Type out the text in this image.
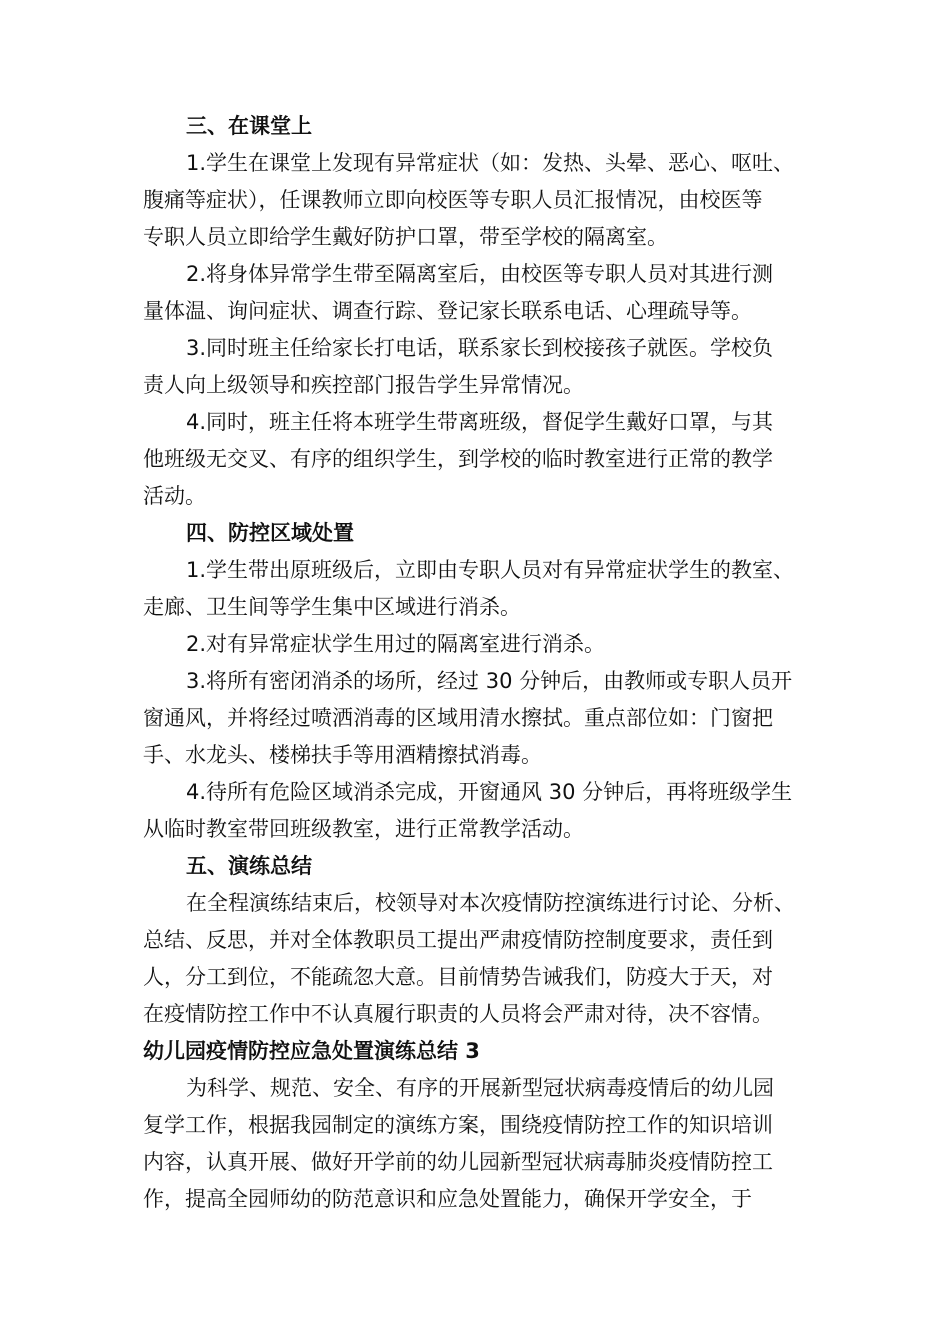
三、在课堂上
1.学生在课堂上发现有异常症状（如：发热、头晕、恶心、呕吐、
腹痛等症状），任课教师立即向校医等专职人员汇报情况，由校医等
专职人员立即给学生戴好防护口罩，带至学校的隔离室。
2.将身体异常学生带至隔离室后，由校医等专职人员对其进行测
量体温、询问症状、调查行踪、登记家长联系电话、心理疏导等。
3.同时班主任给家长打电话，联系家长到校接孩子就医。学校负
责人向上级领导和疾控部门报告学生异常情况。
4.同时，班主任将本班学生带离班级，督促学生戴好口罩，与其
他班级无交叉、有序的组织学生，到学校的临时教室进行正常的教学
活动。
四、防控区域处置
1.学生带出原班级后，立即由专职人员对有异常症状学生的教室、
走廊、卫生间等学生集中区域进行消杀。
2.对有异常症状学生用过的隔离室进行消杀。
3.将所有密闭消杀的场所，经过 30 分钟后，由教师或专职人员开
窗通风，并将经过喷洒消毒的区域用清水擦拭。重点部位如：门窗把
手、水龙头、楼梯扶手等用酒精擦拭消毒。
4.待所有危险区域消杀完成，开窗通风 30 分钟后，再将班级学生
从临时教室带回班级教室，进行正常教学活动。
五、演练总结
在全程演练结束后，校领导对本次疫情防控演练进行讨论、分析、
总结、反思，并对全体教职员工提出严肃疫情防控制度要求，责任到
人，分工到位，不能疏忽大意。目前情势告诫我们，防疫大于天，对
在疫情防控工作中不认真履行职责的人员将会严肃对待，决不容情。
幼儿园疫情防控应急处置演练总结 3
为科学、规范、安全、有序的开展新型冠状病毒疫情后的幼儿园
复学工作，根据我园制定的演练方案，围绕疫情防控工作的知识培训
内容，认真开展、做好开学前的幼儿园新型冠状病毒肺炎疫情防控工
作，提高全园师幼的防范意识和应急处置能力，确保开学安全，于
